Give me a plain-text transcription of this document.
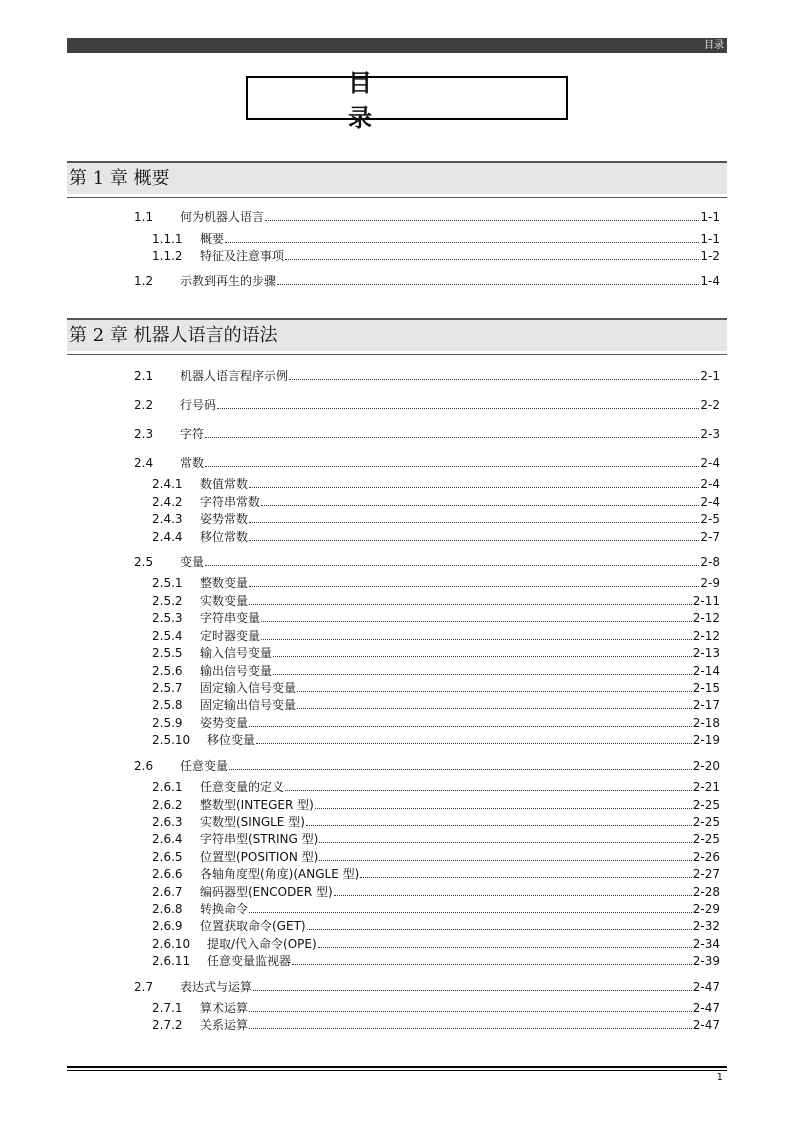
目录
目录
第 1 章 概要
第 2 章 机器人语言的语法
1.1	何为机器人语言	1-1
1.1.1	概要	1-1
1.1.2	特征及注意事项	1-2
1.2	示教到再生的步骤	1-4
2.1	机器人语言程序示例	2-1
2.2	行号码	2-2
2.3	字符	2-3
2.4	常数	2-4
2.4.1	数值常数	2-4
2.4.2	字符串常数	2-4
2.4.3	姿势常数	2-5
2.4.4	移位常数	2-7
2.5	变量	2-8
2.5.1	整数变量	2-9
2.5.2	实数变量	2-11
2.5.3	字符串变量	2-12
2.5.4	定时器变量	2-12
2.5.5	输入信号变量	2-13
2.5.6	输出信号变量	2-14
2.5.7	固定输入信号变量	2-15
2.5.8	固定输出信号变量	2-17
2.5.9	姿势变量	2-18
2.5.10	移位变量	2-19
2.6	任意变量	2-20
2.6.1	任意变量的定义	2-21
2.6.2	整数型(INTEGER 型)	2-25
2.6.3	实数型(SINGLE 型)	2-25
2.6.4	字符串型(STRING 型)	2-25
2.6.5	位置型(POSITION 型)	2-26
2.6.6	各轴角度型(角度)(ANGLE 型)	2-27
2.6.7	编码器型(ENCODER 型)	2-28
2.6.8	转换命令	2-29
2.6.9	位置获取命令(GET)	2-32
2.6.10	提取/代入命令(OPE)	2-34
2.6.11	任意变量监视器	2-39
2.7	表达式与运算	2-47
2.7.1	算术运算	2-47
2.7.2	关系运算	2-47
1
